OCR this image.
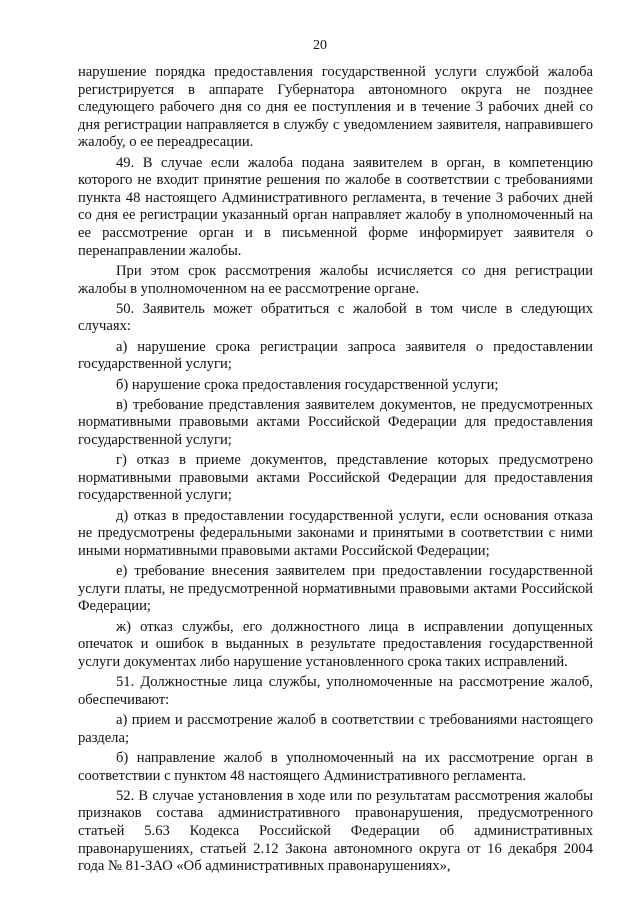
20

нарушение порядка предоставления государственной услуги службой жалоба регистрируется в аппарате Губернатора автономного округа не позднее следующего рабочего дня со дня ее поступления и в течение 3 рабочих дней со дня регистрации направляется в службу с уведомлением заявителя, направившего жалобу, о ее переадресации.

49. В случае если жалоба подана заявителем в орган, в компетенцию которого не входит принятие решения по жалобе в соответствии с требованиями пункта 48 настоящего Административного регламента, в течение 3 рабочих дней со дня ее регистрации указанный орган направляет жалобу в уполномоченный на ее рассмотрение орган и в письменной форме информирует заявителя о перенаправлении жалобы.

При этом срок рассмотрения жалобы исчисляется со дня регистрации жалобы в уполномоченном на ее рассмотрение органе.

50. Заявитель может обратиться с жалобой в том числе в следующих случаях:

а) нарушение срока регистрации запроса заявителя о предоставлении государственной услуги;

б) нарушение срока предоставления государственной услуги;

в) требование представления заявителем документов, не предусмотренных нормативными правовыми актами Российской Федерации для предоставления государственной услуги;

г) отказ в приеме документов, представление которых предусмотрено нормативными правовыми актами Российской Федерации для предоставления государственной услуги;

д) отказ в предоставлении государственной услуги, если основания отказа не предусмотрены федеральными законами и принятыми в соответствии с ними иными нормативными правовыми актами Российской Федерации;

е) требование внесения заявителем при предоставлении государственной услуги платы, не предусмотренной нормативными правовыми актами Российской Федерации;

ж) отказ службы, его должностного лица в исправлении допущенных опечаток и ошибок в выданных в результате предоставления государственной услуги документах либо нарушение установленного срока таких исправлений.

51. Должностные лица службы, уполномоченные на рассмотрение жалоб, обеспечивают:

а) прием и рассмотрение жалоб в соответствии с требованиями настоящего раздела;

б) направление жалоб в уполномоченный на их рассмотрение орган в соответствии с пунктом 48 настоящего Административного регламента.

52. В случае установления в ходе или по результатам рассмотрения жалобы признаков состава административного правонарушения, предусмотренного статьей 5.63 Кодекса Российской Федерации об административных правонарушениях, статьей 2.12 Закона автономного округа от 16 декабря 2004 года № 81-ЗАО «Об административных правонарушениях»,
